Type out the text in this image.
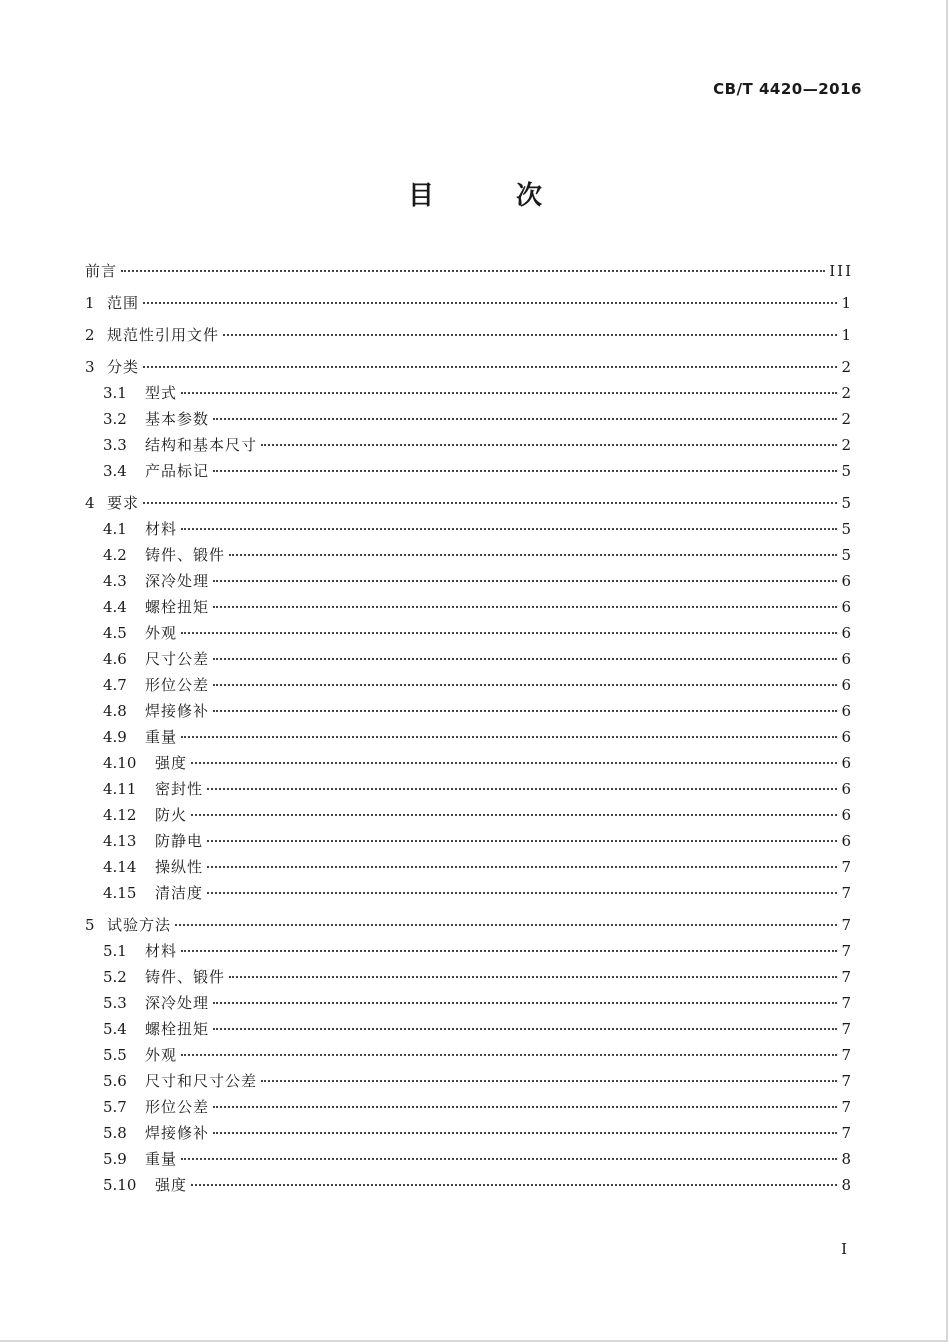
CB/T 4420—2016
目　次
前言	III
1 范围	1
2 规范性引用文件	1
3 分类	2
3.1	型式	2
3.2	基本参数	2
3.3	结构和基本尺寸	2
3.4	产品标记	5
4 要求	5
4.1	材料	5
4.2	铸件、锻件	5
4.3	深冷处理	6
4.4	螺栓扭矩	6
4.5	外观	6
4.6	尺寸公差	6
4.7	形位公差	6
4.8	焊接修补	6
4.9	重量	6
4.10	强度	6
4.11	密封性	6
4.12	防火	6
4.13	防静电	6
4.14	操纵性	7
4.15	清洁度	7
5 试验方法	7
5.1	材料	7
5.2	铸件、锻件	7
5.3	深冷处理	7
5.4	螺栓扭矩	7
5.5	外观	7
5.6	尺寸和尺寸公差	7
5.7	形位公差	7
5.8	焊接修补	7
5.9	重量	8
5.10	强度	8
I
